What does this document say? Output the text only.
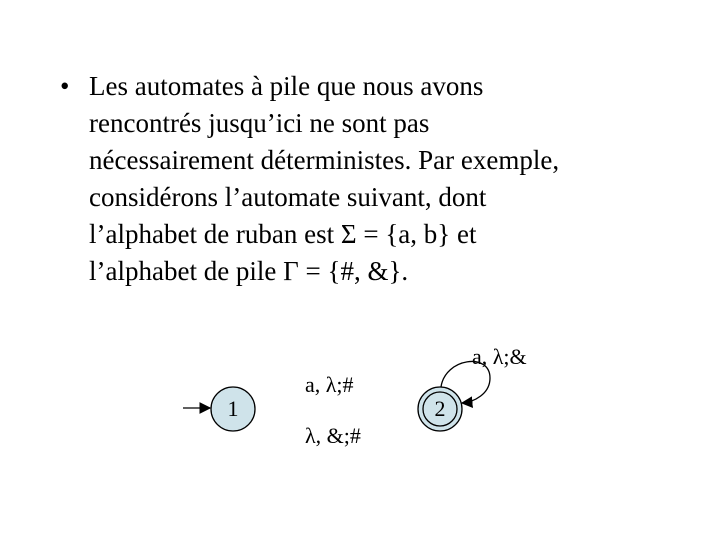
• Les automates à pile que nous avons
rencontrés jusqu’ici ne sont pas
nécessairement déterministes. Par exemple,
considérons l’automate suivant, dont
l’alphabet de ruban est Σ = {a, b} et
l’alphabet de pile Γ = {#, &}.
1	2
a, λ;#
λ, &;#
a, λ;&
